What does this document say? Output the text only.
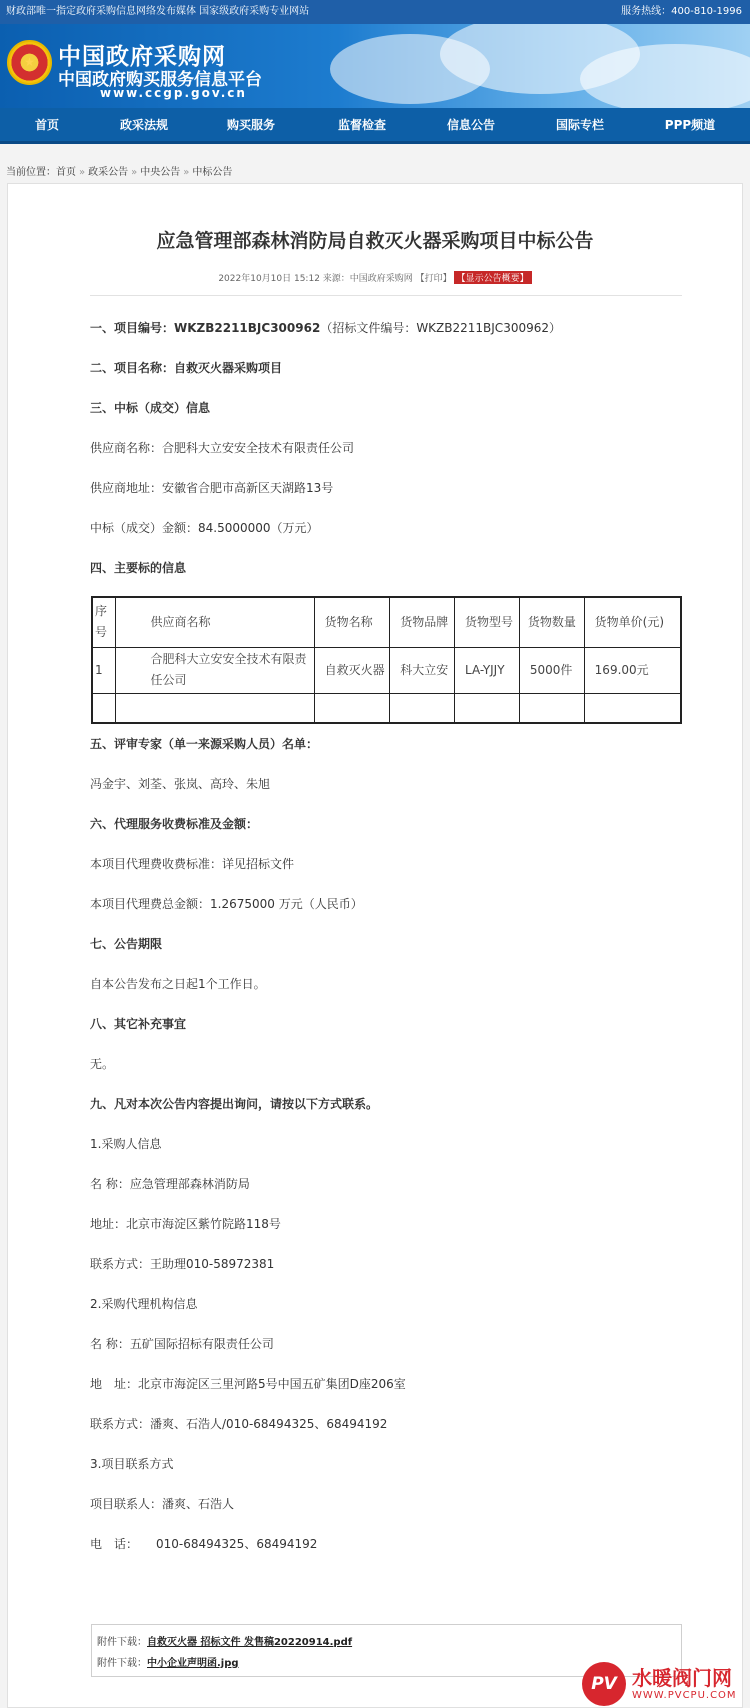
财政部唯一指定政府采购信息网络发布媒体 国家级政府采购专业网站	服务热线：400-810-1996
★	中国政府采购网
中国政府购买服务信息平台
www.ccgp.gov.cn
首页	政采法规	购买服务	监督检查	信息公告	国际专栏	PPP频道
当前位置：首页 » 政采公告 » 中央公告 » 中标公告
应急管理部森林消防局自救灭火器采购项目中标公告
2022年10月10日 15:12 来源：中国政府采购网 【打印】 【显示公告概要】
一、项目编号：WKZB2211BJC300962（招标文件编号：WKZB2211BJC300962）
二、项目名称：自救灭火器采购项目
三、中标（成交）信息
供应商名称：合肥科大立安安全技术有限责任公司
供应商地址：安徽省合肥市高新区天湖路13号
中标（成交）金额：84.5000000（万元）
四、主要标的信息
序号	供应商名称	货物名称	货物品牌	货物型号	货物数量	货物单价(元)
1	合肥科大立安安全技术有限责任公司	自救灭火器	科大立安	LA-YJJY	5000件	169.00元

五、评审专家（单一来源采购人员）名单：
冯金宇、刘荃、张岚、高玲、朱旭
六、代理服务收费标准及金额：
本项目代理费收费标准：详见招标文件
本项目代理费总金额：1.2675000 万元（人民币）
七、公告期限
自本公告发布之日起1个工作日。
八、其它补充事宜
无。
九、凡对本次公告内容提出询问，请按以下方式联系。
1.采购人信息
名 称：应急管理部森林消防局
地址：北京市海淀区紫竹院路118号
联系方式：王助理010-58972381
2.采购代理机构信息
名 称：五矿国际招标有限责任公司
地　址：北京市海淀区三里河路5号中国五矿集团D座206室
联系方式：潘爽、石浩人/010-68494325、68494192
3.项目联系方式
项目联系人：潘爽、石浩人
电　话：　　010-68494325、68494192
附件下载：自救灭火器 招标文件 发售稿20220914.pdf
附件下载：中小企业声明函.jpg
PV 水暖阀门网
WWW.PVCPU.COM
